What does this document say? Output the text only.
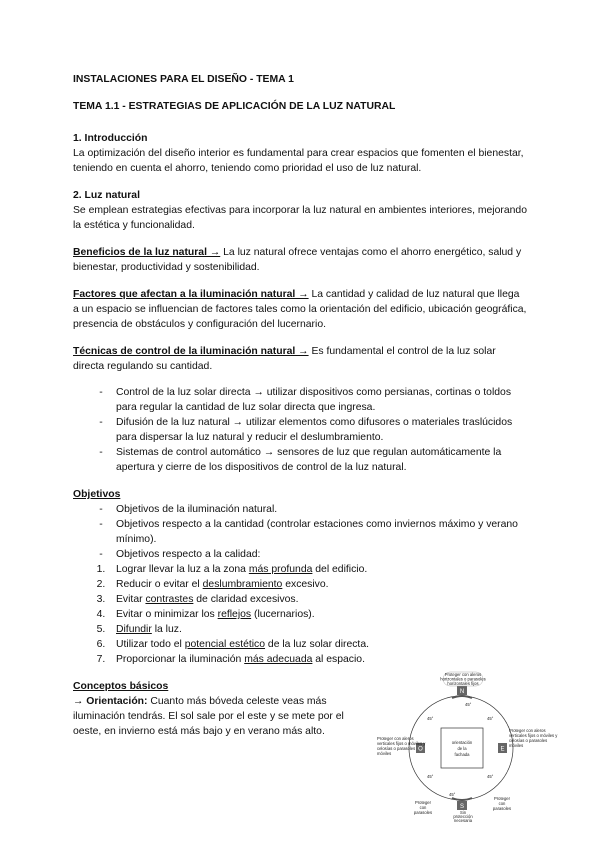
INSTALACIONES PARA EL DISEÑO - TEMA 1
TEMA 1.1 - ESTRATEGIAS DE APLICACIÓN DE LA LUZ NATURAL
1. Introducción

La optimización del diseño interior es fundamental para crear espacios que fomenten el bienestar, teniendo en cuenta el ahorro, teniendo como prioridad el uso de luz natural.

2. Luz natural

Se emplean estrategias efectivas para incorporar la luz natural en ambientes interiores, mejorando la estética y funcionalidad.

Beneficios de la luz natural → La luz natural ofrece ventajas como el ahorro energético, salud y bienestar, productividad y sostenibilidad.

Factores que afectan a la iluminación natural → La cantidad y calidad de luz natural que llega a un espacio se influencian de factores tales como la orientación del edificio, ubicación geográfica, presencia de obstáculos y configuración del lucernario.

Técnicas de control de la iluminación natural → Es fundamental el control de la luz solar directa regulando su cantidad.

-	Control de la luz solar directa → utilizar dispositivos como persianas, cortinas o toldos para regular la cantidad de luz solar directa que ingresa.
-	Difusión de la luz natural → utilizar elementos como difusores o materiales traslúcidos para dispersar la luz natural y reducir el deslumbramiento.
-	Sistemas de control automático → sensores de luz que regulan automáticamente la apertura y cierre de los dispositivos de control de la luz natural.
Objetivos
-	Objetivos de la iluminación natural.
-	Objetivos respecto a la cantidad (controlar estaciones como inviernos máximo y verano mínimo).
-	Objetivos respecto a la calidad:
1.	Lograr llevar la luz a la zona más profunda del edificio.
2.	Reducir o evitar el deslumbramiento excesivo.
3.	Evitar contrastes de claridad excesivos.
4.	Evitar o minimizar los reflejos (lucernarios).
5.	Difundir la luz.
6.	Utilizar todo el potencial estético de la luz solar directa.
7.	Proporcionar la iluminación más adecuada al espacio.
Conceptos básicos

→ Orientación: Cuanto más bóveda celeste veas más iluminación tendrás. El sol sale por el este y se mete por el oeste, en invierno está más bajo y en verano más alto.

orientación
de la
fachada
N
S
E
O
45°
45°
45°	45°
45°	45°
Proteger con aleros
horizontales o parasoles
horizontales fijos
Proteger con aleros
verticales fijos o móviles y
celosías o parasoles
móviles
Proteger con aleros
verticales fijos o móviles y
celosías o parasoles
móviles
Proteger
con
parasoles	Sin
protección
necesaria
Proteger
con
parasoles
